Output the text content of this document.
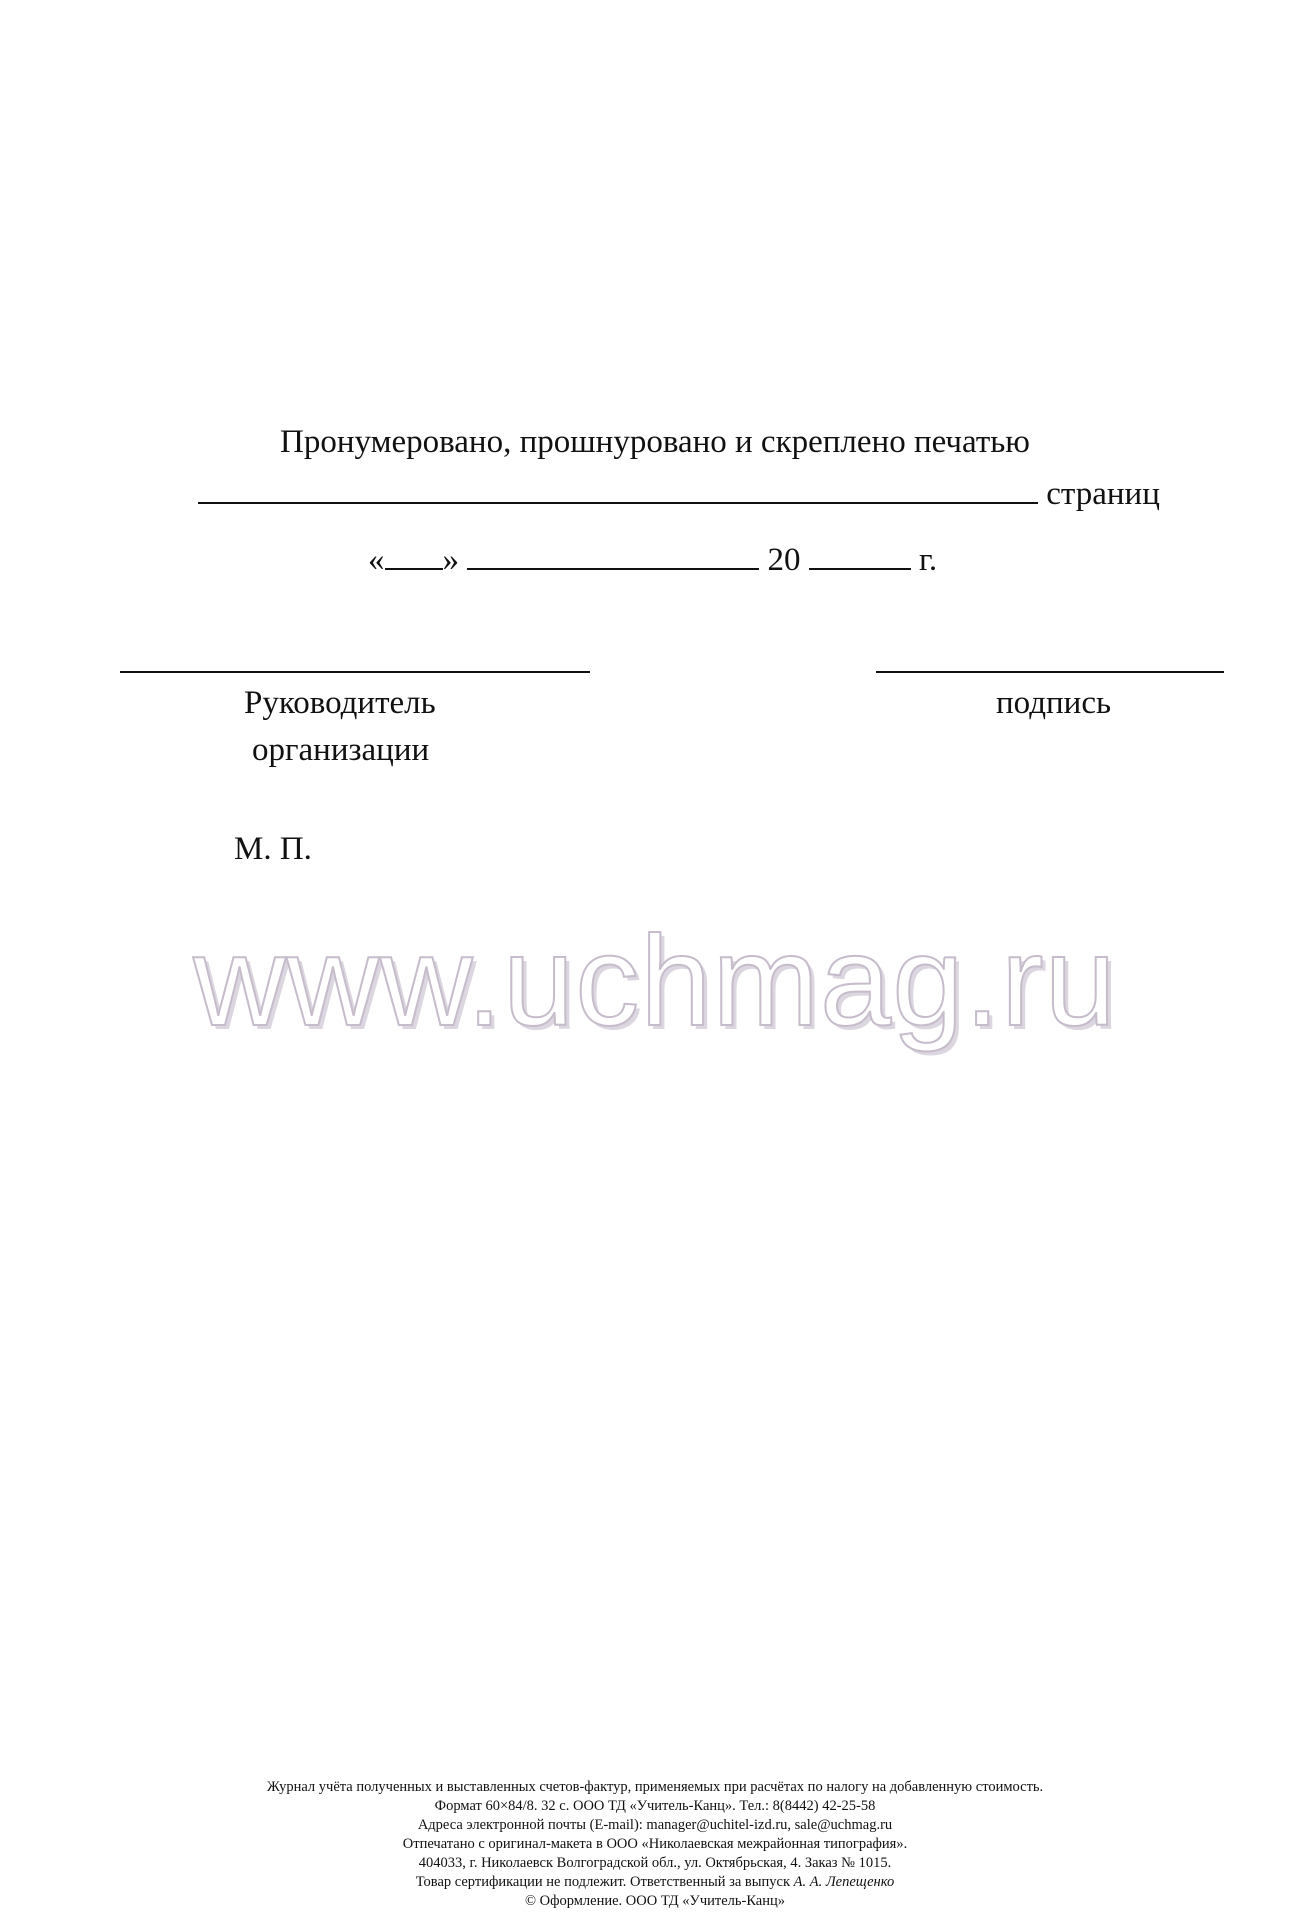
Пронумеровано, прошнуровано и скреплено печатью
страниц
« »	20	г.
Руководитель
организации
подпись
М. П.
www.uchmag.ru
Журнал учёта полученных и выставленных счетов-фактур, применяемых при расчётах по налогу на добавленную стоимость.
Формат 60×84/8. 32 с. ООО ТД «Учитель-Канц». Тел.: 8(8442) 42-25-58
Адреса электронной почты (E-mail): manager@uchitel-izd.ru, sale@uchmag.ru
Отпечатано с оригинал-макета в ООО «Николаевская межрайонная типография».
404033, г. Николаевск Волгоградской обл., ул. Октябрьская, 4. Заказ № 1015.
Товар сертификации не подлежит. Ответственный за выпуск А. А. Лепещенко
© Оформление. ООО ТД «Учитель-Канц»
